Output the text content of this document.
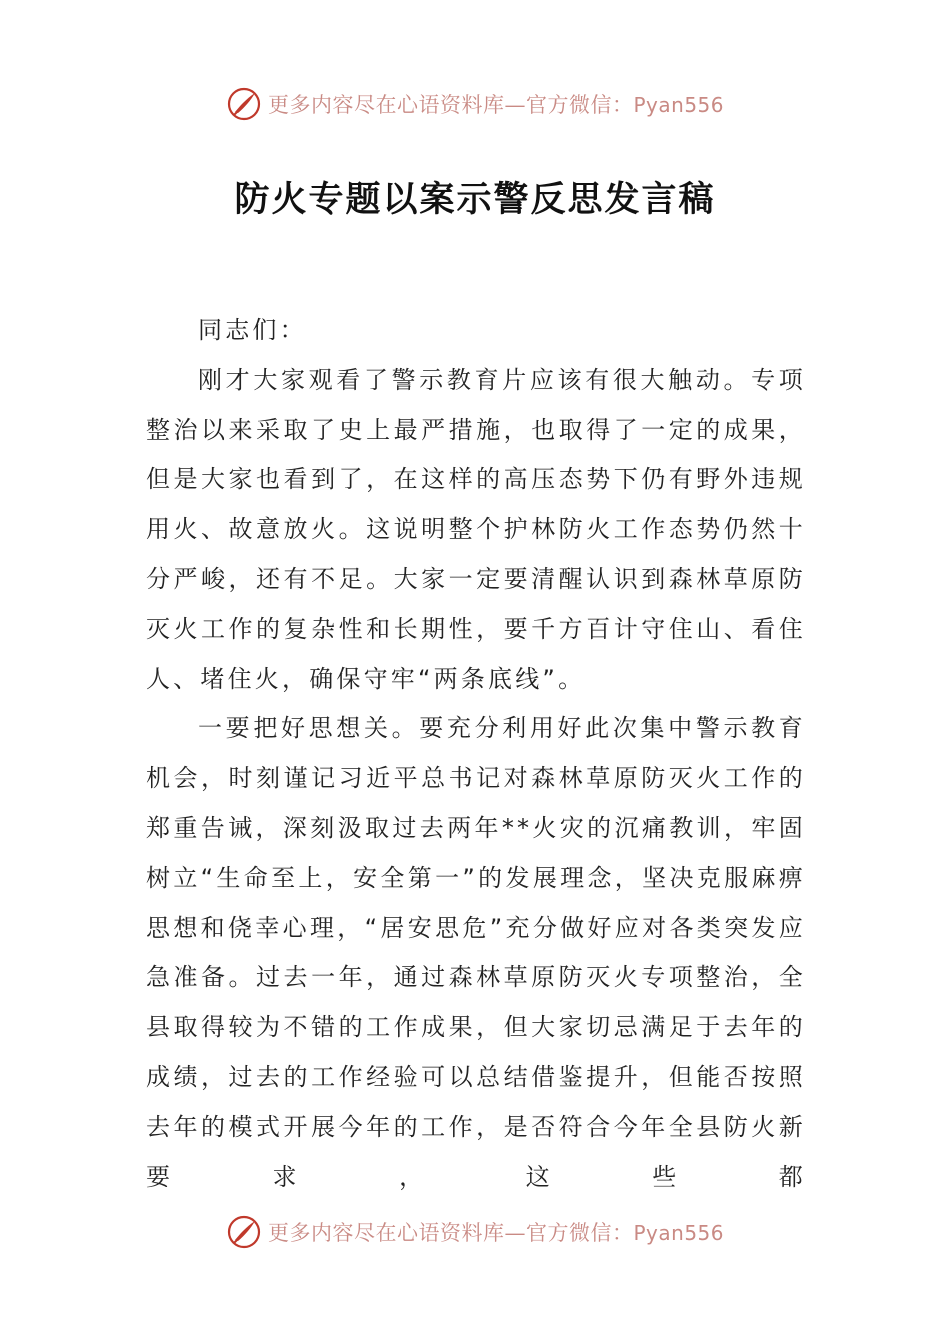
更多内容尽在心语资料库—官方微信：Pyan556
防火专题以案示警反思发言稿

同志们：

刚才大家观看了警示教育片应该有很大触动。专项整治以来采取了史上最严措施，也取得了一定的成果，但是大家也看到了，在这样的高压态势下仍有野外违规用火、故意放火。这说明整个护林防火工作态势仍然十分严峻，还有不足。大家一定要清醒认识到森林草原防灭火工作的复杂性和长期性，要千方百计守住山、看住人、堵住火，确保守牢“两条底线”。

一要把好思想关。要充分利用好此次集中警示教育机会，时刻谨记习近平总书记对森林草原防灭火工作的郑重告诫，深刻汲取过去两年**火灾的沉痛教训，牢固树立“生命至上，安全第一”的发展理念，坚决克服麻痹思想和侥幸心理，“居安思危”充分做好应对各类突发应急准备。过去一年，通过森林草原防灭火专项整治，全县取得较为不错的工作成果，但大家切忌满足于去年的成绩，过去的工作经验可以总结借鉴提升，但能否按照去年的模式开展今年的工作，是否符合今年全县防火新要求，这些都

更多内容尽在心语资料库—官方微信：Pyan556
